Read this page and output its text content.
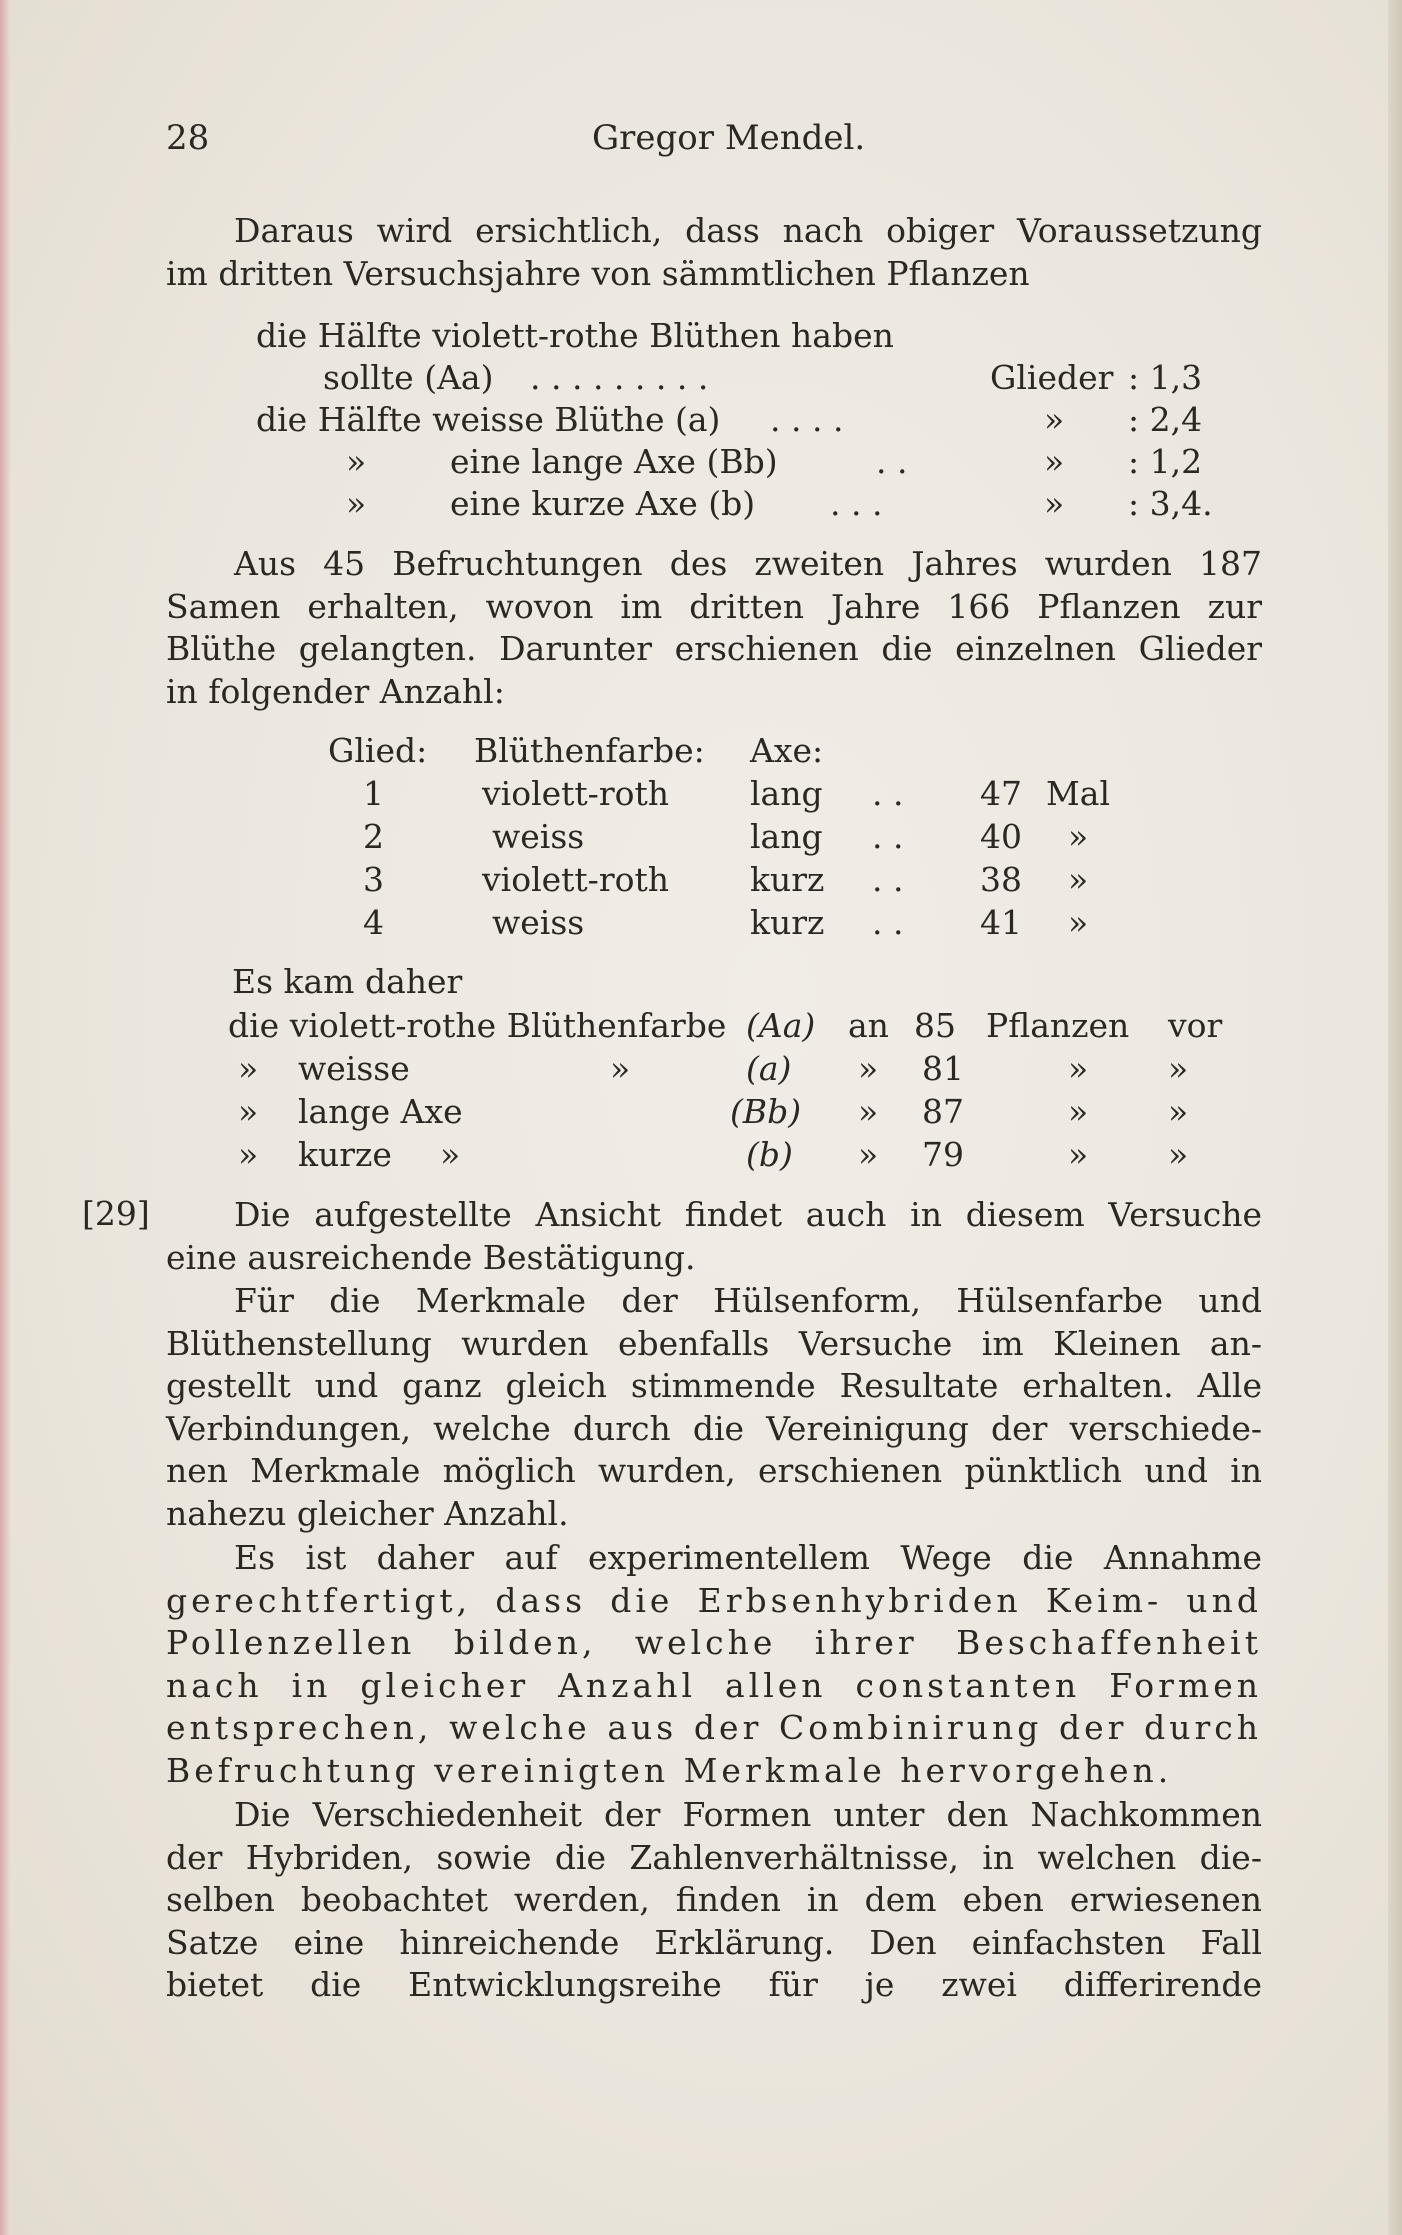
28	Gregor Mendel.
Daraus wird ersichtlich, dass nach obiger Voraussetzung
im dritten Versuchsjahre von sämmtlichen Pflanzen
die Hälfte violett-rothe Blüthen haben
sollte (Aa) . . . . . . . . .	Glieder : 1,3
die Hälfte weisse Blüthe (a) . . . .	» : 2,4
»	eine lange Axe (Bb)	. .	» : 1,2
»	eine kurze Axe (b) . . .	» : 3,4.
Aus 45 Befruchtungen des zweiten Jahres wurden 187
Samen erhalten, wovon im dritten Jahre 166 Pflanzen zur
Blüthe gelangten. Darunter erschienen die einzelnen Glieder
in folgender Anzahl:
Glied: Blüthenfarbe: Axe:
1	violett-roth lang . . 47 Mal
2	weiss	lang . . 40 »
3	violett-roth kurz . . 38 »
4	weiss	kurz . . 41 »
Es kam daher
die violett-rothe Blüthenfarbe (Aa) an 85 Pflanzen vor
» weisse	»	(a) » 81	» »
» lange Axe	(Bb) » 87	» »
» kurze »	(b) » 79	» »
[29]	Die aufgestellte Ansicht findet auch in diesem Versuche
eine ausreichende Bestätigung.
Für die Merkmale der Hülsenform, Hülsenfarbe und
Blüthenstellung wurden ebenfalls Versuche im Kleinen an-
gestellt und ganz gleich stimmende Resultate erhalten. Alle
Verbindungen, welche durch die Vereinigung der verschiede-
nen Merkmale möglich wurden, erschienen pünktlich und in
nahezu gleicher Anzahl.
Es ist daher auf experimentellem Wege die Annahme
gerechtfertigt, dass die Erbsenhybriden Keim- und
Pollenzellen bilden, welche ihrer Beschaffenheit
nach in gleicher Anzahl allen constanten Formen
entsprechen, welche aus der Combinirung der durch
Befruchtung vereinigten Merkmale hervorgehen.
Die Verschiedenheit der Formen unter den Nachkommen
der Hybriden, sowie die Zahlenverhältnisse, in welchen die-
selben beobachtet werden, finden in dem eben erwiesenen
Satze eine hinreichende Erklärung. Den einfachsten Fall
bietet die Entwicklungsreihe für je zwei differirende
